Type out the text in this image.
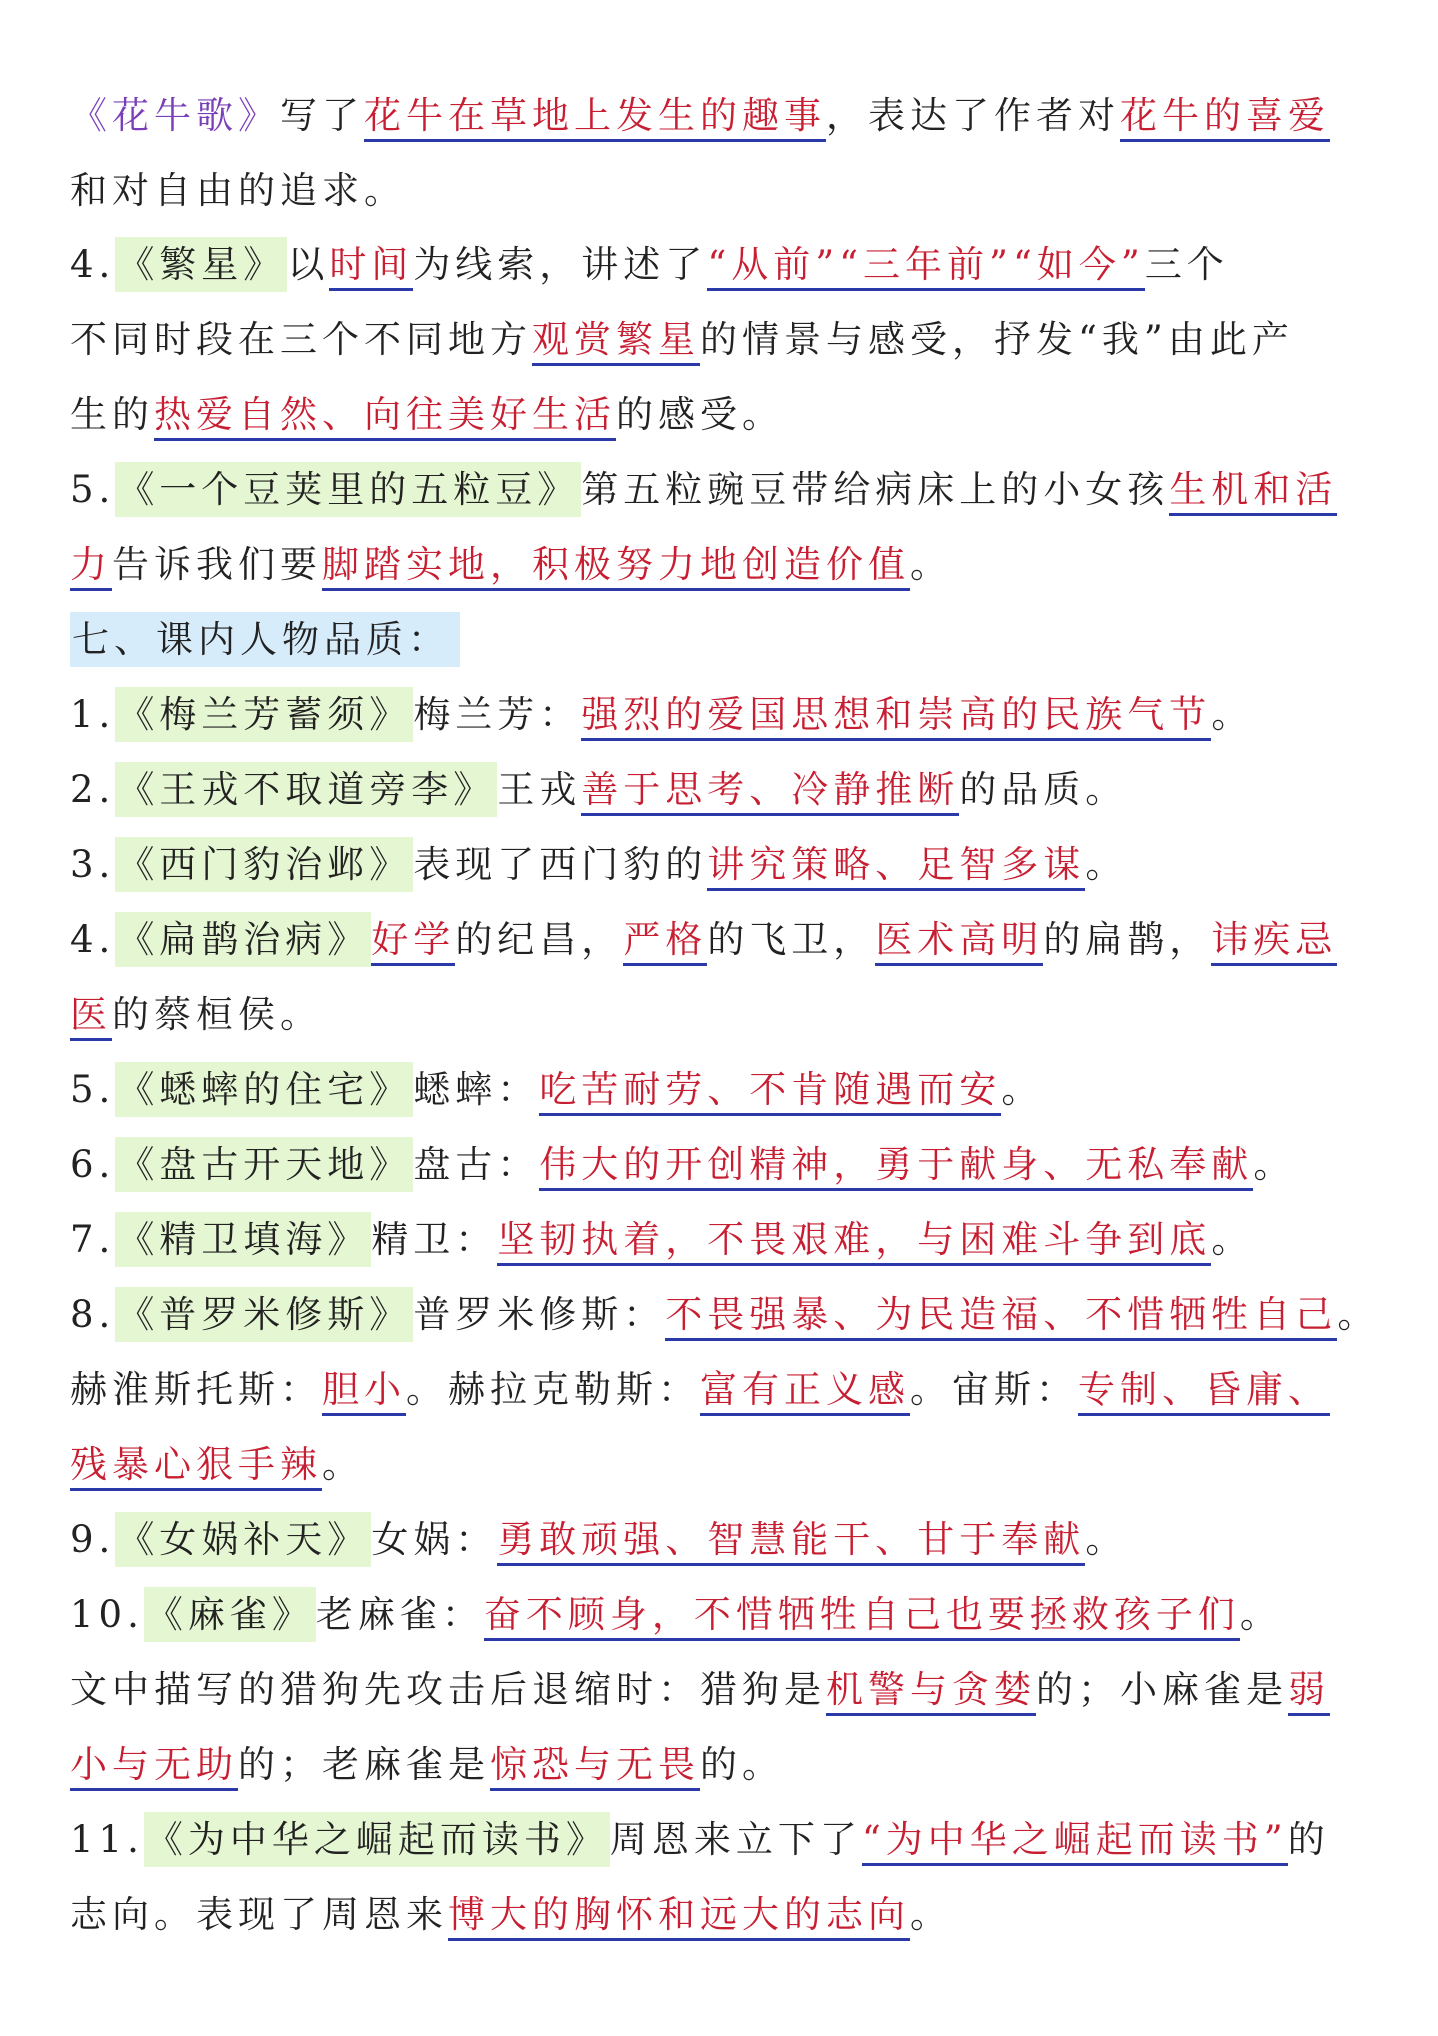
《花牛歌》写了花牛在草地上发生的趣事，表达了作者对花牛的喜爱
和对自由的追求。
4.《繁星》以时间为线索，讲述了“从前”“三年前”“如今”三个
不同时段在三个不同地方观赏繁星的情景与感受，抒发“我”由此产
生的热爱自然、向往美好生活的感受。
5.《一个豆荚里的五粒豆》第五粒豌豆带给病床上的小女孩生机和活
力告诉我们要脚踏实地，积极努力地创造价值。
七、课内人物品质：
1.《梅兰芳蓄须》梅兰芳：强烈的爱国思想和崇高的民族气节。
2.《王戎不取道旁李》王戎善于思考、冷静推断的品质。
3.《西门豹治邺》表现了西门豹的讲究策略、足智多谋。
4.《扁鹊治病》好学的纪昌，严格的飞卫，医术高明的扁鹊，讳疾忌
医的蔡桓侯。
5.《蟋蟀的住宅》蟋蟀：吃苦耐劳、不肯随遇而安。
6.《盘古开天地》盘古：伟大的开创精神，勇于献身、无私奉献。
7.《精卫填海》精卫：坚韧执着，不畏艰难，与困难斗争到底。
8.《普罗米修斯》普罗米修斯：不畏强暴、为民造福、不惜牺牲自己。
赫淮斯托斯：胆小。赫拉克勒斯：富有正义感。宙斯：专制、昏庸、
残暴心狠手辣。
9.《女娲补天》女娲：勇敢顽强、智慧能干、甘于奉献。
10.《麻雀》老麻雀：奋不顾身，不惜牺牲自己也要拯救孩子们。
文中描写的猎狗先攻击后退缩时：猎狗是机警与贪婪的；小麻雀是弱
小与无助的；老麻雀是惊恐与无畏的。
11.《为中华之崛起而读书》周恩来立下了“为中华之崛起而读书”的
志向。表现了周恩来博大的胸怀和远大的志向。
